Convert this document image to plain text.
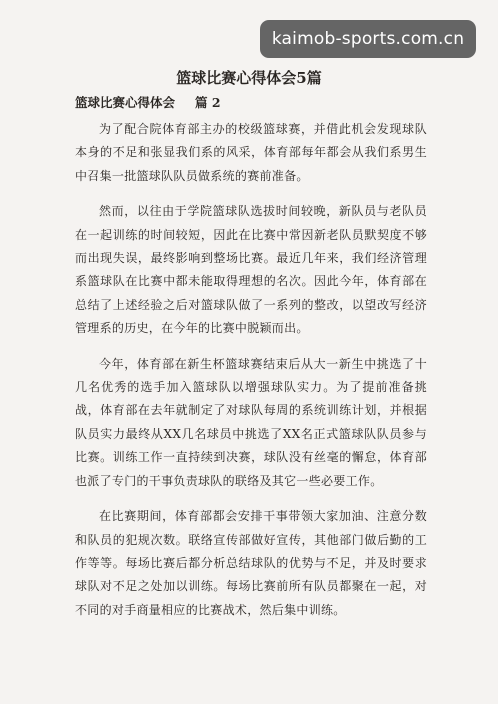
kaimob-sports.com.cn
篮球比赛心得体会5篇
篮球比赛心得体会 篇 2

为了配合院体育部主办的校级篮球赛，并借此机会发现球队本身的不足和张显我们系的风采，体育部每年都会从我们系男生中召集一批篮球队队员做系统的赛前准备。

然而，以往由于学院篮球队选拔时间较晚，新队员与老队员在一起训练的时间较短，因此在比赛中常因新老队员默契度不够而出现失误，最终影响到整场比赛。最近几年来，我们经济管理系篮球队在比赛中都未能取得理想的名次。因此今年，体育部在总结了上述经验之后对篮球队做了一系列的整改，以望改写经济管理系的历史，在今年的比赛中脱颖而出。

今年，体育部在新生杯篮球赛结束后从大一新生中挑选了十几名优秀的选手加入篮球队以增强球队实力。为了提前准备挑战，体育部在去年就制定了对球队每周的系统训练计划，并根据队员实力最终从XX几名球员中挑选了XX名正式篮球队队员参与比赛。训练工作一直持续到决赛，球队没有丝毫的懈怠，体育部也派了专门的干事负责球队的联络及其它一些必要工作。

在比赛期间，体育部都会安排干事带领大家加油、注意分数和队员的犯规次数。联络宣传部做好宣传，其他部门做后勤的工作等等。每场比赛后都分析总结球队的优势与不足，并及时要求球队对不足之处加以训练。每场比赛前所有队员都聚在一起，对不同的对手商量相应的比赛战术，然后集中训练。
